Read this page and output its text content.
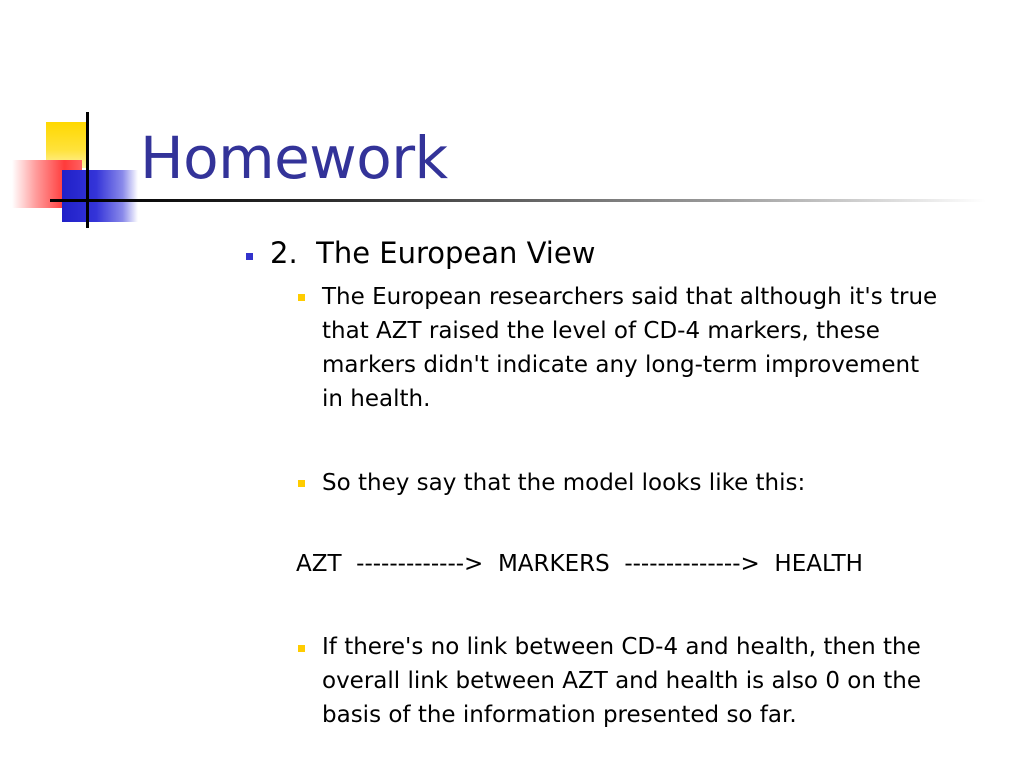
Homework
2.  The European View
The European researchers said that although it's true
that AZT raised the level of CD-4 markers, these
markers didn't indicate any long-term improvement
in health.
So they say that the model looks like this:
AZT  ------------->  MARKERS  -------------->  HEALTH
If there's no link between CD-4 and health, then the
overall link between AZT and health is also 0 on the
basis of the information presented so far.
